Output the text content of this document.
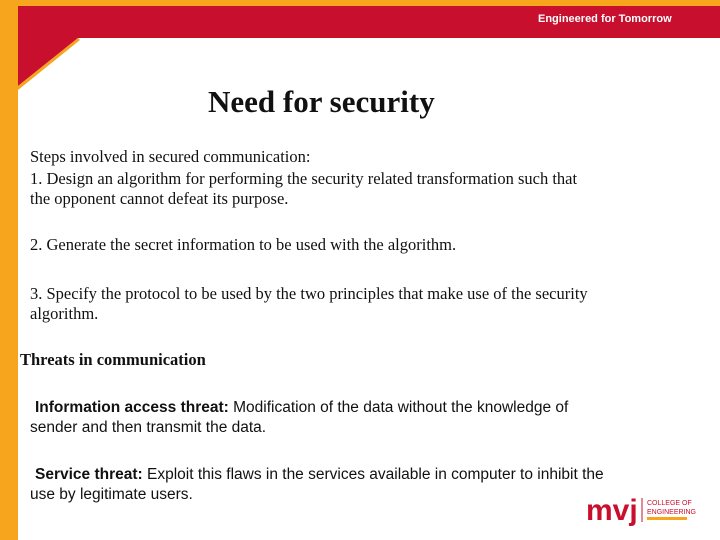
Engineered for Tomorrow
Need for security
Steps involved in secured communication:
1. Design an algorithm for performing the security related transformation such that
the opponent cannot defeat its purpose.
2. Generate the secret information to be used with the algorithm.
3. Specify the protocol to be used by the two principles that make use of the security
algorithm.
Threats in communication
Information access threat: Modification of the data without the knowledge of
sender and then transmit the data.
Service threat: Exploit this flaws in the services available in computer to inhibit the
use by legitimate users.	mvj COLLEGE OF
ENGINEERING
